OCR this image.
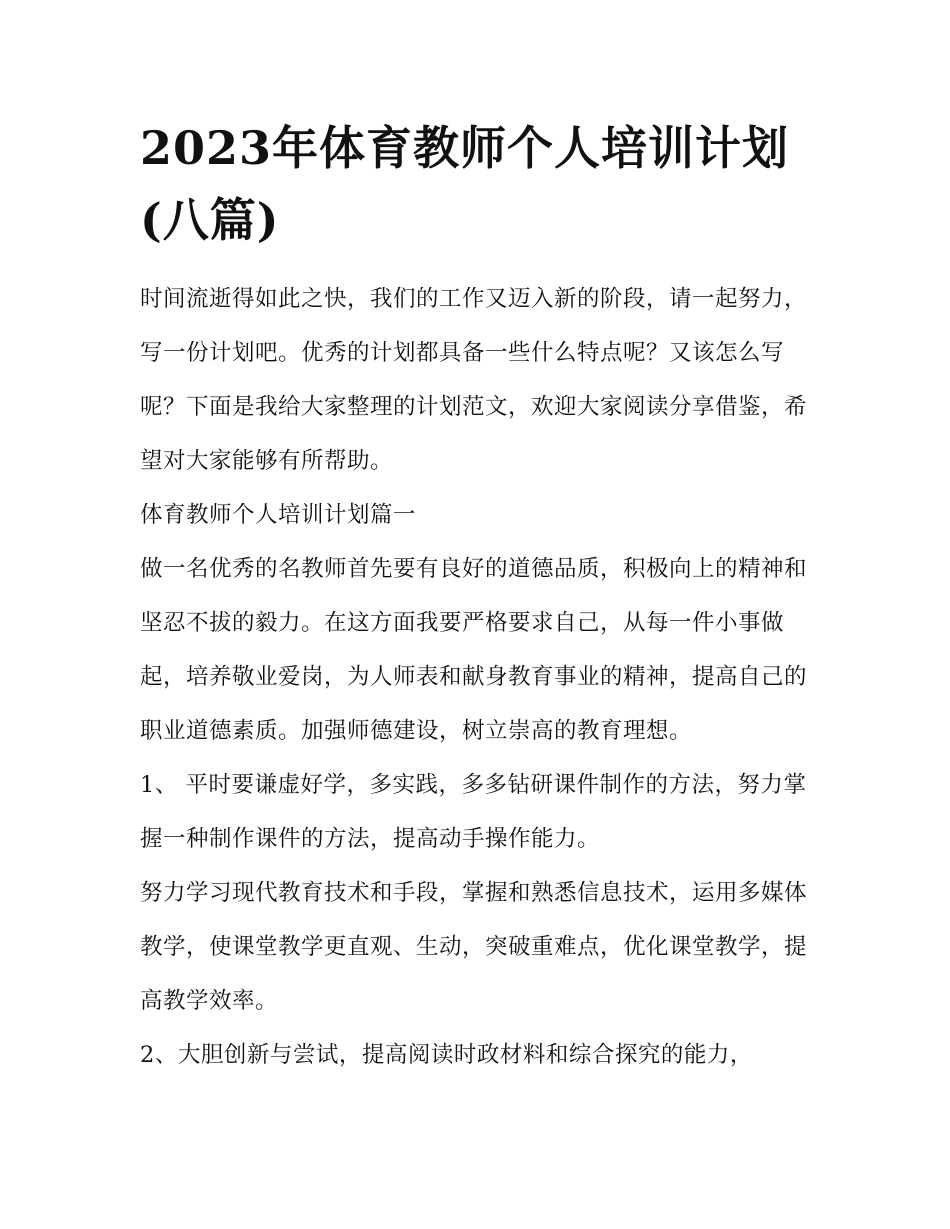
2023年体育教师个人培训计划(八篇)

时间流逝得如此之快，我们的工作又迈入新的阶段，请一起努力，写一份计划吧。优秀的计划都具备一些什么特点呢？又该怎么写呢？下面是我给大家整理的计划范文，欢迎大家阅读分享借鉴，希望对大家能够有所帮助。

体育教师个人培训计划篇一

做一名优秀的名教师首先要有良好的道德品质，积极向上的精神和坚忍不拔的毅力。在这方面我要严格要求自己，从每一件小事做起，培养敬业爱岗，为人师表和献身教育事业的精神，提高自己的职业道德素质。加强师德建设，树立崇高的教育理想。

1、 平时要谦虚好学，多实践，多多钻研课件制作的方法，努力掌握一种制作课件的方法，提高动手操作能力。

努力学习现代教育技术和手段，掌握和熟悉信息技术，运用多媒体教学，使课堂教学更直观、生动，突破重难点，优化课堂教学，提高教学效率。

2、大胆创新与尝试，提高阅读时政材料和综合探究的能力，
